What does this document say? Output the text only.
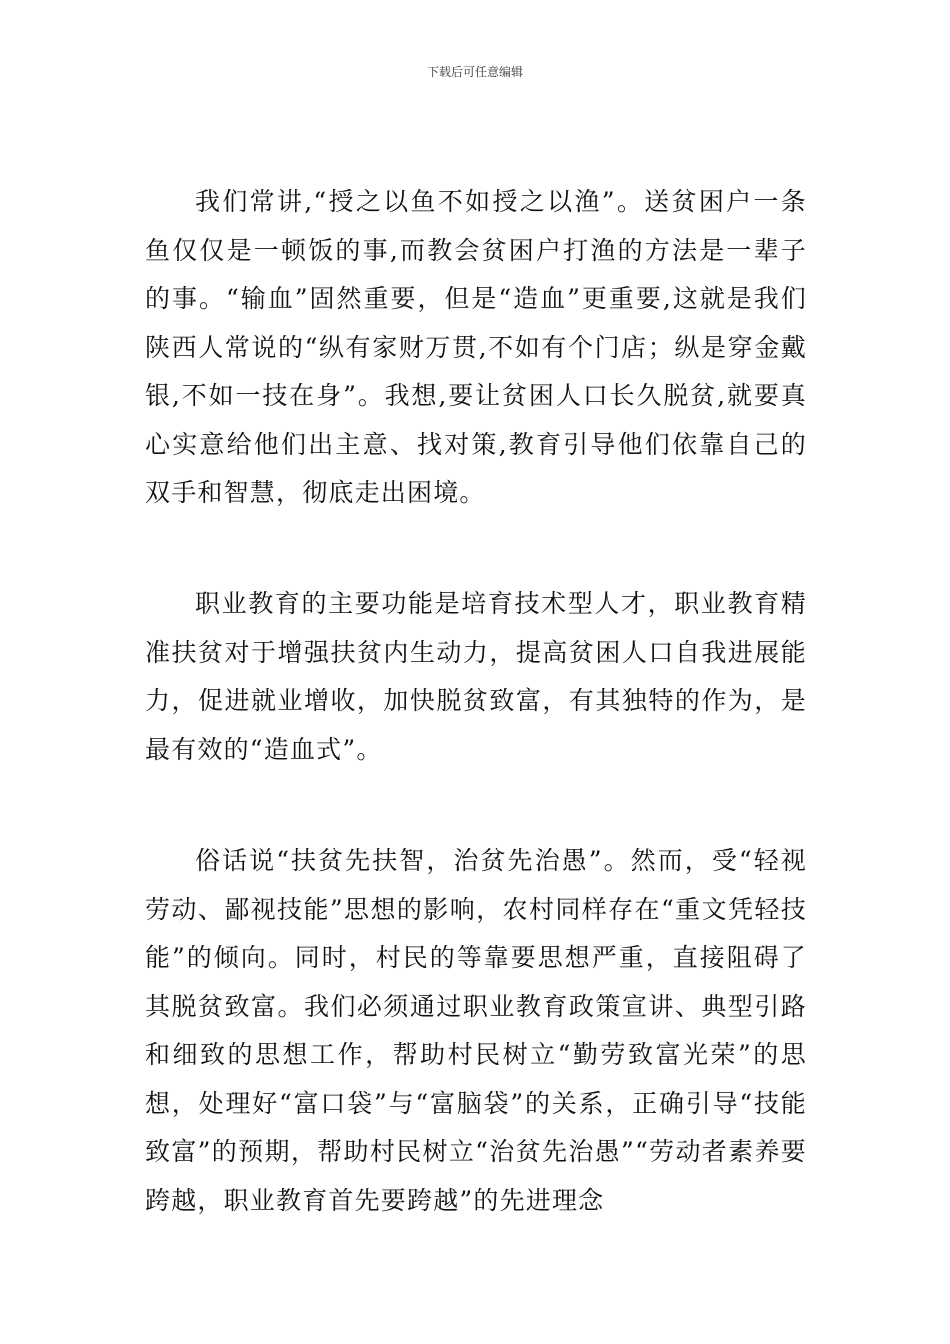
下载后可任意编辑

我们常讲,“授之以鱼不如授之以渔”。送贫困户一条鱼仅仅是一顿饭的事,而教会贫困户打渔的方法是一辈子的事。“输血”固然重要，但是“造血”更重要,这就是我们陕西人常说的“纵有家财万贯,不如有个门店；纵是穿金戴银,不如一技在身”。我想,要让贫困人口长久脱贫,就要真心实意给他们出主意、找对策,教育引导他们依靠自己的双手和智慧，彻底走出困境。

职业教育的主要功能是培育技术型人才，职业教育精准扶贫对于增强扶贫内生动力，提高贫困人口自我进展能力，促进就业增收，加快脱贫致富，有其独特的作为，是最有效的“造血式”。

俗话说“扶贫先扶智，治贫先治愚”。然而，受“轻视劳动、鄙视技能”思想的影响，农村同样存在“重文凭轻技能”的倾向。同时，村民的等靠要思想严重，直接阻碍了其脱贫致富。我们必须通过职业教育政策宣讲、典型引路和细致的思想工作，帮助村民树立“勤劳致富光荣”的思想，处理好“富口袋”与“富脑袋”的关系，正确引导“技能致富”的预期，帮助村民树立“治贫先治愚”“劳动者素养要跨越，职业教育首先要跨越”的先进理念
